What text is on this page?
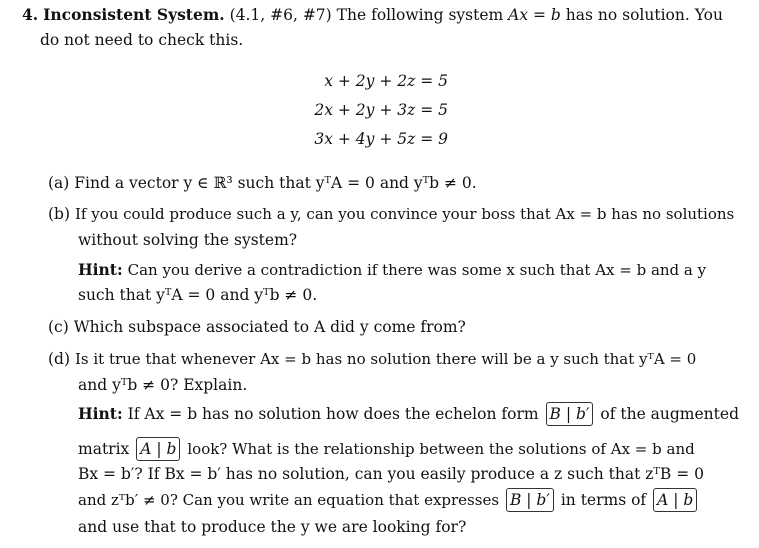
4. Inconsistent System. (4.1, #6, #7) The following system Ax = b has no solution. You
do not need to check this.
x + 2y + 2z = 5
2x + 2y + 3z = 5
3x + 4y + 5z = 9
(a) Find a vector y ∈ ℝ³ such that yᵀA = 0 and yᵀb ≠ 0.
(b) If you could produce such a y, can you convince your boss that Ax = b has no solutions
without solving the system?
Hint: Can you derive a contradiction if there was some x such that Ax = b and a y
such that yᵀA = 0 and yᵀb ≠ 0.
(c) Which subspace associated to A did y come from?
(d) Is it true that whenever Ax = b has no solution there will be a y such that yᵀA = 0
and yᵀb ≠ 0? Explain.
Hint: If Ax = b has no solution how does the echelon form B | b′ of the augmented
matrix A | b look? What is the relationship between the solutions of Ax = b and
Bx = b′? If Bx = b′ has no solution, can you easily produce a z such that zᵀB = 0
and zᵀb′ ≠ 0? Can you write an equation that expresses B | b′ in terms of A | b
and use that to produce the y we are looking for?
